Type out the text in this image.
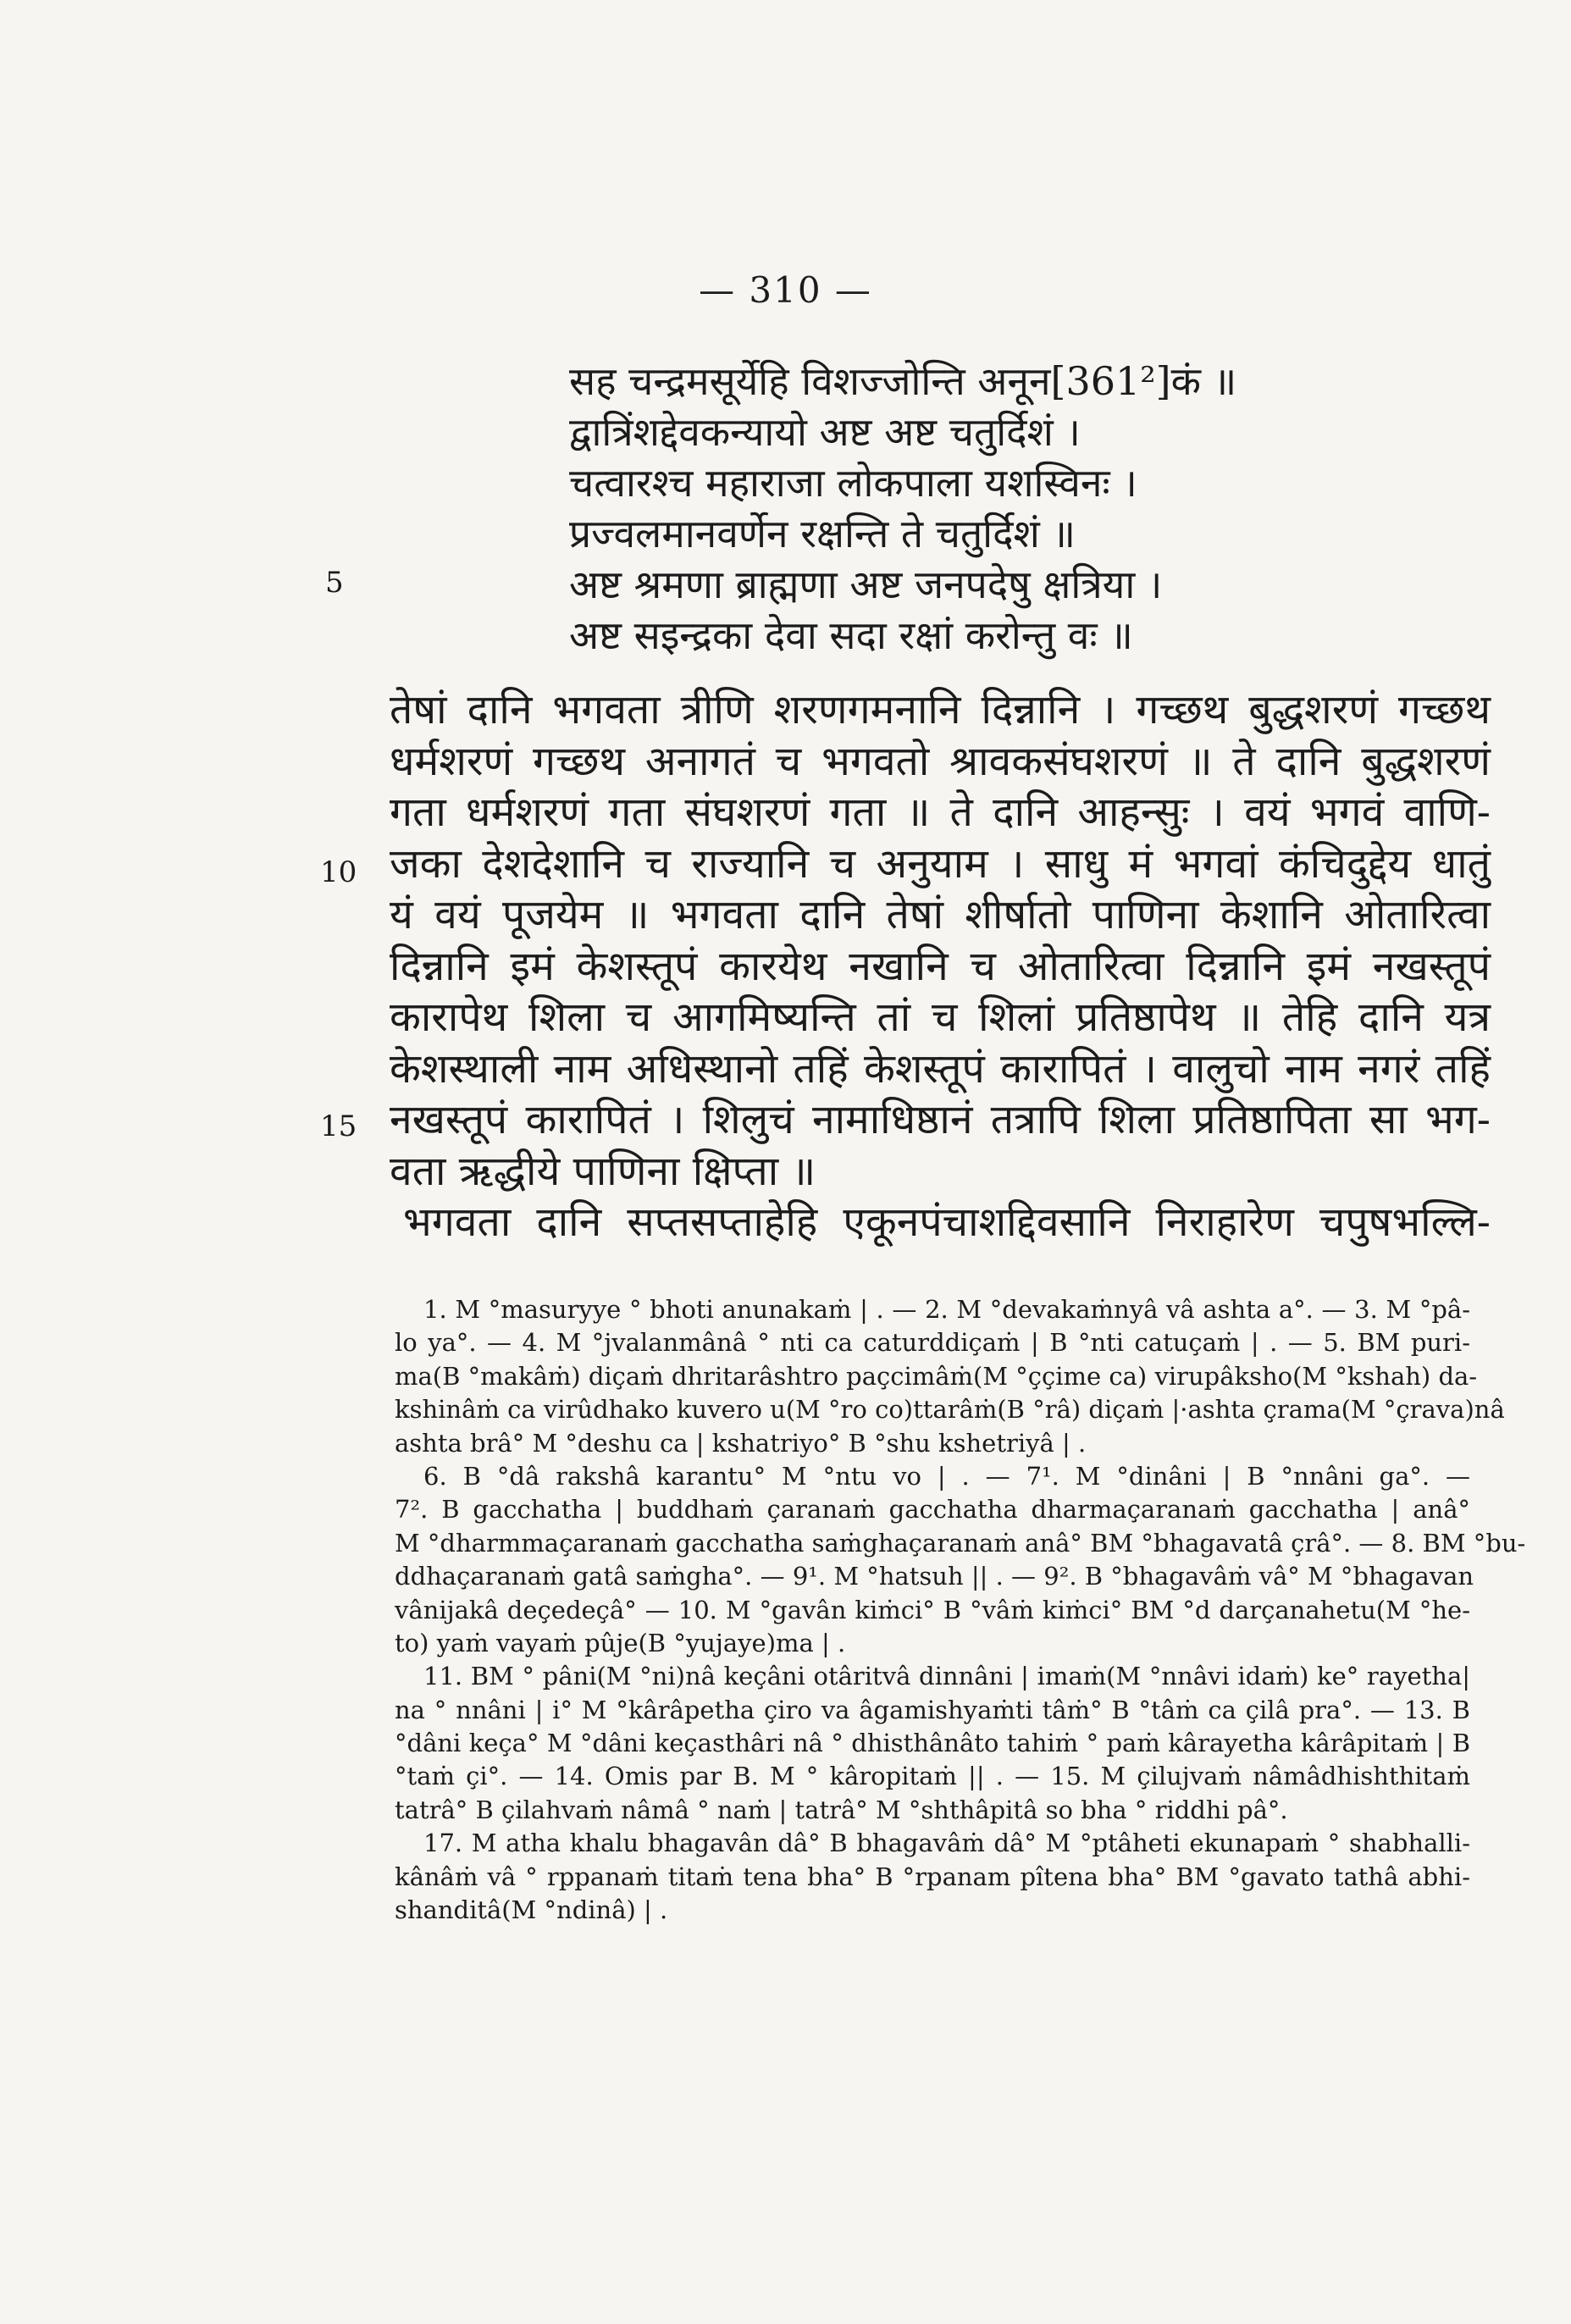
— 310 —
सह चन्द्रमसूर्येहि विशज्जोन्ति अनून[361²]कं ॥
द्वात्रिंशद्देवकन्यायो अष्ट अष्ट चतुर्दिशं ।
चत्वारश्च महाराजा लोकपाला यशस्विनः ।
प्रज्वलमानवर्णेन रक्षन्ति ते चतुर्दिशं ॥
अष्ट श्रमणा ब्राह्मणा अष्ट जनपदेषु क्षत्रिया ।
अष्ट सइन्द्रका देवा सदा रक्षां करोन्तु वः ॥
5
10
15
तेषां दानि भगवता त्रीणि शरणगमनानि दिन्नानि । गच्छथ बुद्धशरणं गच्छथ
धर्मशरणं गच्छथ अनागतं च भगवतो श्रावकसंघशरणं ॥ ते दानि बुद्धशरणं
गता धर्मशरणं गता संघशरणं गता ॥ ते दानि आहन्सुः । वयं भगवं वाणि-
जका देशदेशानि च राज्यानि च अनुयाम । साधु मं भगवां कंचिदुद्देय धातुं
यं वयं पूजयेम ॥ भगवता दानि तेषां शीर्षातो पाणिना केशानि ओतारित्वा
दिन्नानि इमं केशस्तूपं कारयेथ नखानि च ओतारित्वा दिन्नानि इमं नखस्तूपं
कारापेथ शिला च आगमिष्यन्ति तां च शिलां प्रतिष्ठापेथ ॥ तेहि दानि यत्र
केशस्थाली नाम अधिस्थानो तहिं केशस्तूपं कारापितं । वालुचो नाम नगरं तहिं
नखस्तूपं कारापितं । शिलुचं नामाधिष्ठानं तत्रापि शिला प्रतिष्ठापिता सा भग-
वता ऋद्धीये पाणिना क्षिप्ता ॥
भगवता दानि सप्तसप्ताहेहि एकूनपंचाशद्दिवसानि निराहारेण चपुषभल्लि-
1. M °masuryye ° bhoti anunakaṁ | . — 2. M °devakaṁnyâ vâ ashta a°. — 3. M °pâ-
lo ya°. — 4. M °jvalanmânâ ° nti ca caturddiçaṁ | B °nti catuçaṁ | . — 5. BM puri-
ma(B °makâṁ) diçaṁ dhritarâshtro paçcimâṁ(M °ççime ca) virupâksho(M °kshah) da-
kshinâṁ ca virûdhako kuvero u(M °ro co)ttarâṁ(B °râ) diçaṁ |·ashta çrama(M °çrava)nâ
ashta brâ° M °deshu ca | kshatriyo° B °shu kshetriyâ | .
6. B °dâ rakshâ karantu° M °ntu vo | . — 7¹. M °dinâni | B °nnâni ga°. —
7². B gacchatha | buddhaṁ çaranaṁ gacchatha dharmaçaranaṁ gacchatha | anâ°
M °dharmmaçaranaṁ gacchatha saṁghaçaranaṁ anâ° BM °bhagavatâ çrâ°. — 8. BM °bu-
ddhaçaranaṁ gatâ saṁgha°. — 9¹. M °hatsuh || . — 9². B °bhagavâṁ vâ° M °bhagavan
vânijakâ deçedeçâ° — 10. M °gavân kiṁci° B °vâṁ kiṁci° BM °d darçanahetu(M °he-
to) yaṁ vayaṁ pûje(B °yujaye)ma | .
11. BM ° pâni(M °ni)nâ keçâni otâritvâ dinnâni | imaṁ(M °nnâvi idaṁ) ke° rayetha|
na ° nnâni | i° M °kârâpetha çiro va âgamishyaṁti tâṁ° B °tâṁ ca çilâ pra°. — 13. B
°dâni keça° M °dâni keçasthâri nâ ° dhisthânâto tahiṁ ° paṁ kârayetha kârâpitaṁ | B
°taṁ çi°. — 14. Omis par B. M ° kâropitaṁ || . — 15. M çilujvaṁ nâmâdhishthitaṁ
tatrâ° B çilahvaṁ nâmâ ° naṁ | tatrâ° M °shthâpitâ so bha ° riddhi pâ°.
17. M atha khalu bhagavân dâ° B bhagavâṁ dâ° M °ptâheti ekunapaṁ ° shabhalli-
kânâṁ vâ ° rppanaṁ titaṁ tena bha° B °rpanam pîtena bha° BM °gavato tathâ abhi-
shanditâ(M °ndinâ) | .
